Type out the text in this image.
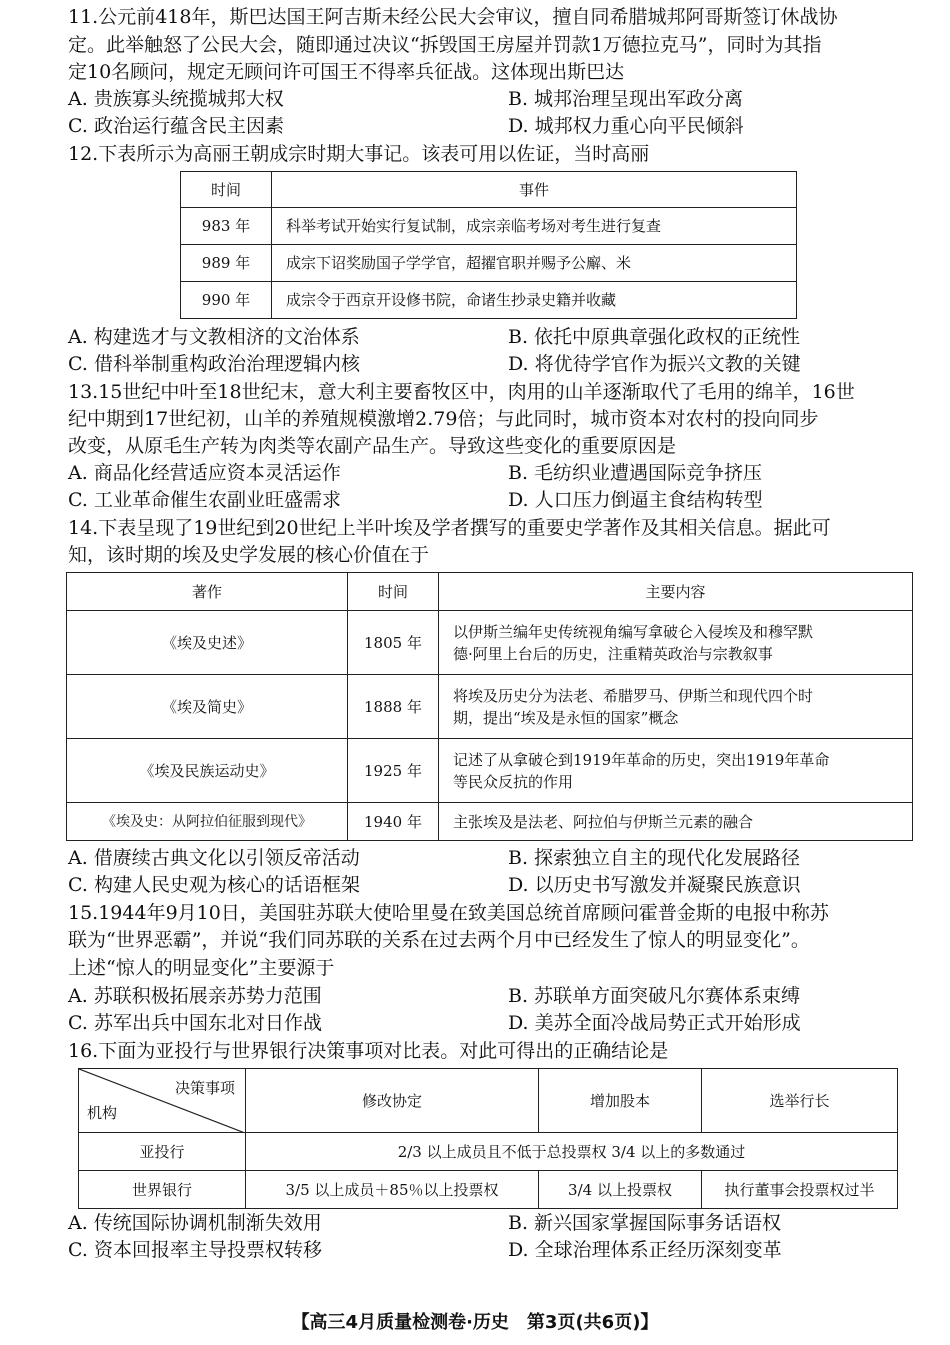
11.公元前418年，斯巴达国王阿吉斯未经公民大会审议，擅自同希腊城邦阿哥斯签订休战协
定。此举触怒了公民大会，随即通过决议“拆毁国王房屋并罚款1万德拉克马”，同时为其指
定10名顾问，规定无顾问许可国王不得率兵征战。这体现出斯巴达
A. 贵族寡头统揽城邦大权	B. 城邦治理呈现出军政分离
C. 政治运行蕴含民主因素	D. 城邦权力重心向平民倾斜
12.下表所示为高丽王朝成宗时期大事记。该表可用以佐证，当时高丽
时间	事件
983 年	科举考试开始实行复试制，成宗亲临考场对考生进行复查
989 年	成宗下诏奖励国子学学官，超擢官职并赐予公廨、米
990 年	成宗令于西京开设修书院，命诸生抄录史籍并收藏
A. 构建选才与文教相济的文治体系	B. 依托中原典章强化政权的正统性
C. 借科举制重构政治治理逻辑内核	D. 将优待学官作为振兴文教的关键
13.15世纪中叶至18世纪末，意大利主要畜牧区中，肉用的山羊逐渐取代了毛用的绵羊，16世
纪中期到17世纪初，山羊的养殖规模激增2.79倍；与此同时，城市资本对农村的投向同步
改变，从原毛生产转为肉类等农副产品生产。导致这些变化的重要原因是
A. 商品化经营适应资本灵活运作	B. 毛纺织业遭遇国际竞争挤压
C. 工业革命催生农副业旺盛需求	D. 人口压力倒逼主食结构转型
14.下表呈现了19世纪到20世纪上半叶埃及学者撰写的重要史学著作及其相关信息。据此可
知，该时期的埃及史学发展的核心价值在于
著作	时间	主要内容
《埃及史述》	1805 年	以伊斯兰编年史传统视角编写拿破仑入侵埃及和穆罕默
德·阿里上台后的历史，注重精英政治与宗教叙事

《埃及简史》	1888 年	将埃及历史分为法老、希腊罗马、伊斯兰和现代四个时
期，提出“埃及是永恒的国家”概念

《埃及民族运动史》	1925 年	记述了从拿破仑到1919年革命的历史，突出1919年革命
等民众反抗的作用

《埃及史：从阿拉伯征服到现代》	1940 年	主张埃及是法老、阿拉伯与伊斯兰元素的融合
A. 借赓续古典文化以引领反帝活动	B. 探索独立自主的现代化发展路径
C. 构建人民史观为核心的话语框架	D. 以历史书写激发并凝聚民族意识
15.1944年9月10日，美国驻苏联大使哈里曼在致美国总统首席顾问霍普金斯的电报中称苏
联为“世界恶霸”，并说“我们同苏联的关系在过去两个月中已经发生了惊人的明显变化”。
上述“惊人的明显变化”主要源于
A. 苏联积极拓展亲苏势力范围	B. 苏联单方面突破凡尔赛体系束缚
C. 苏军出兵中国东北对日作战	D. 美苏全面冷战局势正式开始形成
16.下面为亚投行与世界银行决策事项对比表。对此可得出的正确结论是
决策事项
机构	修改协定	增加股本	选举行长
亚投行	2/3 以上成员且不低于总投票权 3/4 以上的多数通过		
世界银行	3/5 以上成员＋85％以上投票权	3/4 以上投票权	执行董事会投票权过半
A. 传统国际协调机制渐失效用	B. 新兴国家掌握国际事务话语权
C. 资本回报率主导投票权转移	D. 全球治理体系正经历深刻变革
【高三4月质量检测卷·历史　第3页(共6页)】
